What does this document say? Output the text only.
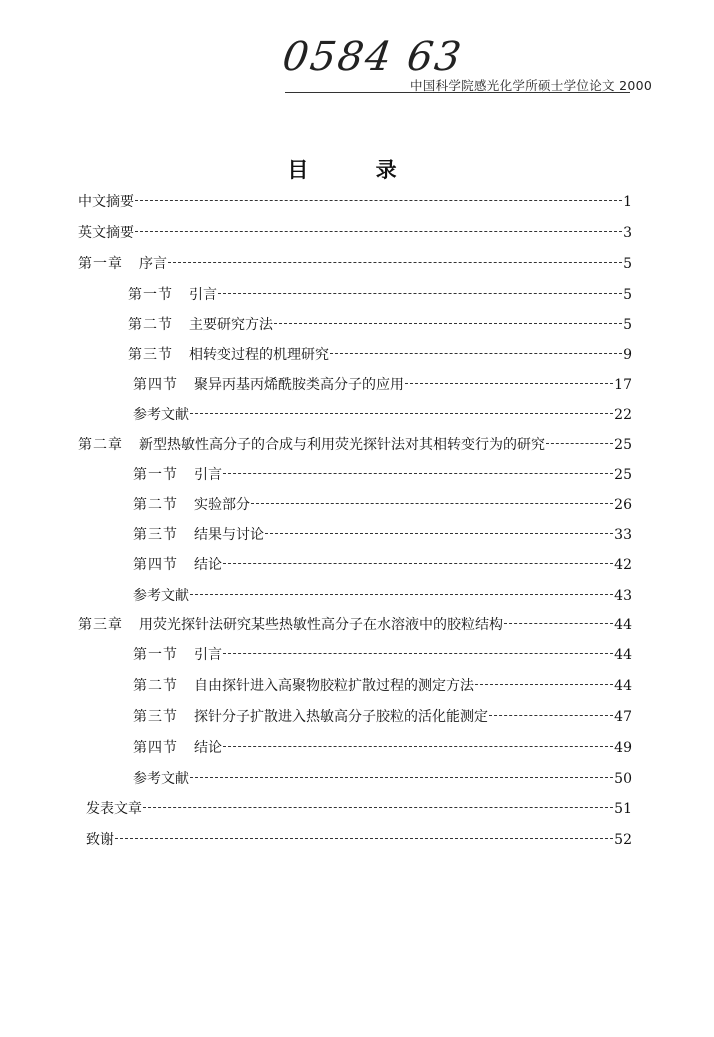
0584 63
中国科学院感光化学所硕士学位论文 2000
目 录
中文摘要	1
英文摘要	3
第一章 序言	5
第一节 引言	5
第二节 主要研究方法	5
第三节 相转变过程的机理研究	9
第四节 聚异丙基丙烯酰胺类高分子的应用	17
参考文献	22
第二章 新型热敏性高分子的合成与利用荧光探针法对其相转变行为的研究	25
第一节 引言	25
第二节 实验部分	26
第三节 结果与讨论	33
第四节 结论	42
参考文献	43
第三章 用荧光探针法研究某些热敏性高分子在水溶液中的胶粒结构	44
第一节 引言	44
第二节 自由探针进入高聚物胶粒扩散过程的测定方法	44
第三节 探针分子扩散进入热敏高分子胶粒的活化能测定	47
第四节 结论	49
参考文献	50
发表文章	51
致谢	52
